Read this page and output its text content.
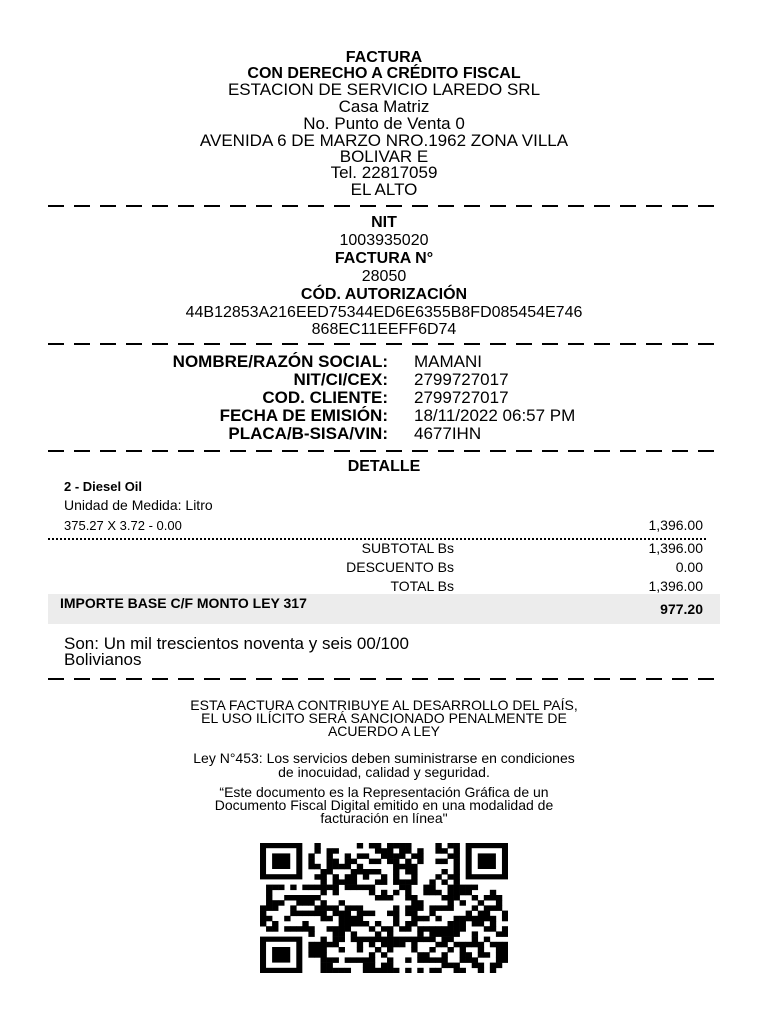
FACTURA
CON DERECHO A CRÉDITO FISCAL
ESTACION DE SERVICIO LAREDO SRL
Casa Matriz
No. Punto de Venta 0
AVENIDA 6 DE MARZO NRO.1962 ZONA VILLA
BOLIVAR E
Tel. 22817059
EL ALTO
NIT
1003935020
FACTURA N°
28050
CÓD. AUTORIZACIÓN
44B12853A216EED75344ED6E6355B8FD085454E746
868EC11EEFF6D74
NOMBRE/RAZÓN SOCIAL: MAMANI
NIT/CI/CEX: 2799727017
COD. CLIENTE: 2799727017
FECHA DE EMISIÓN: 18/11/2022 06:57 PM
PLACA/B-SISA/VIN: 4677IHN
DETALLE
2 - Diesel Oil
Unidad de Medida: Litro
375.27 X 3.72 - 0.00	1,396.00
SUBTOTAL Bs	1,396.00
DESCUENTO Bs	0.00
TOTAL Bs	1,396.00
IMPORTE BASE C/F MONTO LEY 317	977.20
Son: Un mil trescientos noventa y seis 00/100
Bolivianos
ESTA FACTURA CONTRIBUYE AL DESARROLLO DEL PAÍS,
EL USO ILÍCITO SERÁ SANCIONADO PENALMENTE DE
ACUERDO A LEY
Ley N°453: Los servicios deben suministrarse en condiciones
de inocuidad, calidad y seguridad.
“Este documento es la Representación Gráfica de un
Documento Fiscal Digital emitido en una modalidad de
facturación en línea"
